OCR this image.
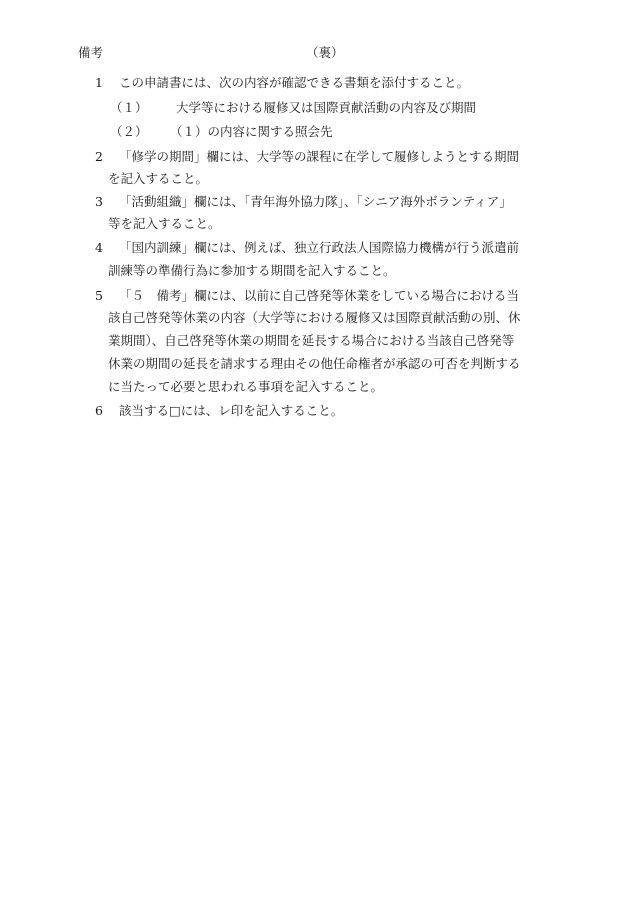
備考	（裏）
1 この申請書には、次の内容が確認できる書類を添付すること。
（１） 大学等における履修又は国際貢献活動の内容及び期間
（２） （１）の内容に関する照会先
2 「修学の期間」欄には、大学等の課程に在学して履修しようとする期間
を記入すること。
3 「活動組織」欄には、「青年海外協力隊」、「シニア海外ボランティア」
等を記入すること。
4 「国内訓練」欄には、例えば、独立行政法人国際協力機構が行う派遣前
訓練等の準備行為に参加する期間を記入すること。
5 「５　備考」欄には、以前に自己啓発等休業をしている場合における当
該自己啓発等休業の内容（大学等における履修又は国際貢献活動の別、休
業期間）、自己啓発等休業の期間を延長する場合における当該自己啓発等
休業の期間の延長を請求する理由その他任命権者が承認の可否を判断する
に当たって必要と思われる事項を記入すること。
6 該当する□には、レ印を記入すること。
